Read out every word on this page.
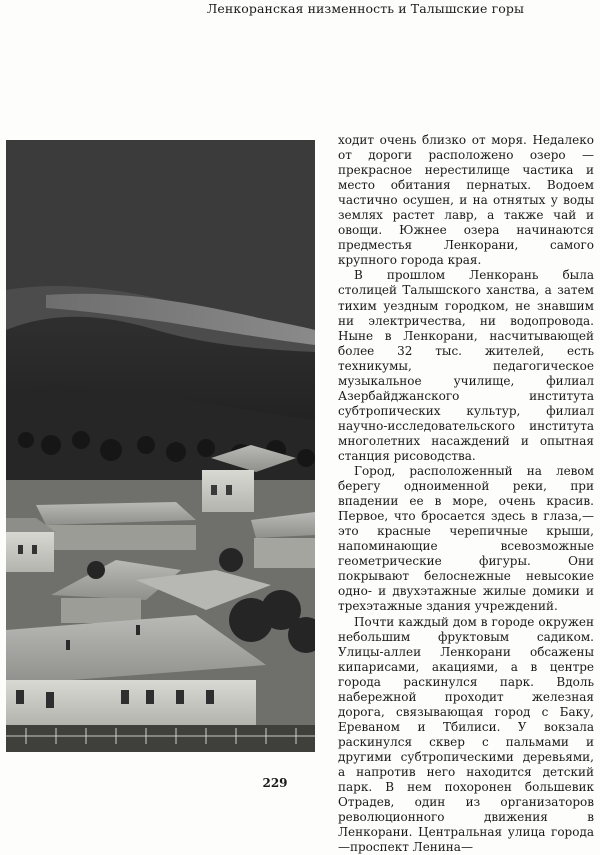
Ленкоранская низменность и Талышские горы

ходит очень близко от моря. Недалеко от дороги расположено озеро — прекрасное нерестилище частика и место обитания пернатых. Водоем частично осушен, и на отнятых у воды землях растет лавр, а также чай и овощи. Южнее озера начинаются предместья Ленкорани, самого крупного города края.

В прошлом Ленкорань была столицей Талышского ханства, а затем тихим уездным городком, не знавшим ни электричества, ни водопровода. Ныне в Ленкорани, насчитывающей более 32 тыс. жителей, есть техникумы, педагогическое музыкальное училище, филиал Азербайджанского института субтропических культур, филиал научно-исследовательского института многолетних насаждений и опытная станция рисоводства.

Город, расположенный на левом берегу одноименной реки, при впадении ее в море, очень красив. Первое, что бросается здесь в глаза,— это красные черепичные крыши, напоминающие всевозможные геометрические фигуры. Они покрывают белоснежные невысокие одно- и двухэтажные жилые домики и трехэтажные здания учреждений.

Почти каждый дом в городе окружен небольшим фруктовым садиком. Улицы-аллеи Ленкорани обсажены кипарисами, акациями, а в центре города раскинулся парк. Вдоль набережной проходит железная дорога, связывающая город с Баку, Ереваном и Тбилиси. У вокзала раскинулся сквер с пальмами и другими субтропическими деревьями, а напротив него находится детский парк. В нем похоронен большевик Отрадев, один из организаторов революционного движения в Ленкорани. Центральная улица города—проспект Ленина—

229
